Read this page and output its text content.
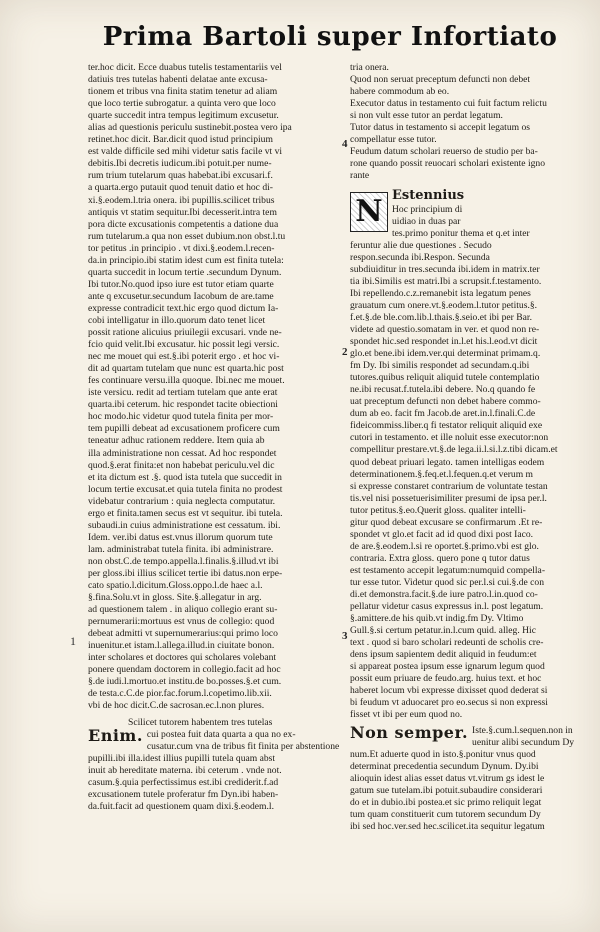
Prima Bartoli super Infortiato
ter.hoc dicit. Ecce duabus tutelis testamentariis vel
datiuis tres tutelas habenti delatae ante excusa-
tionem et tribus vna finita statim tenetur ad aliam
que loco tertie subrogatur. a quinta vero que loco
quarte succedit intra tempus legitimum excusetur.
alias ad questionis periculu sustinebit.postea vero ipa
retinet.hoc dicit. Bar.dicit quod istud principium
est valde difficile sed mihi videtur satis facile vt vi
debitis.Ibi decretis iudicum.ibi potuit.per nume-
rum trium tutelarum quas habebat.ibi excusari.f.
a quarta.ergo putauit quod tenuit datio et hoc di-
xi.§.eodem.l.tria onera. ibi pupillis.scilicet tribus
antiquis vt statim sequitur.Ibi decesserit.intra tem
pora dicte excusationis competentis a datione dua
rum tutelarum.a qua non esset dubium.non obst.l.tu
tor petitus .in principio . vt dixi.§.eodem.l.recen-
da.in principio.ibi statim idest cum est finita tutela:
quarta succedit in locum tertie .secundum Dynum.
Ibi tutor.No.quod ipso iure est tutor etiam quarte
ante q excusetur.secundum Iacobum de are.tame
expresse contradicit text.hic ergo quod dictum Ia-
cobi intelligatur in illo.quorum dato tenet licet
possit ratione alicuius priuilegii excusari. vnde ne-
fcio quid velit.Ibi excusatur. hic possit legi versic.
nec me mouet qui est.§.ibi poterit ergo . et hoc vi-
dit ad quartam tutelam que nunc est quarta.hic post
fes continuare versu.illa quoque. Ibi.nec me mouet.
iste versicu. redit ad tertiam tutelam que ante erat
quarta.ibi ceterum. hic respondet tacite obiectioni
hoc modo.hic videtur quod tutela finita per mor-
tem pupilli debeat ad excusationem proficere cum
teneatur adhuc rationem reddere. Item quia ab
illa administratione non cessat. Ad hoc respondet
quod.§.erat finita:et non habebat periculu.vel dic
et ita dictum est .§. quod ista tutela que succedit in
locum tertie excusat.et quia tutela finita no prodest
videbatur contrarium : quia neglecta computatur.
ergo et finita.tamen secus est vt sequitur. ibi tutela.
subaudi.in cuius administratione est cessatum. ibi.
Idem. ver.ibi datus est.vnus illorum quorum tute
lam. administrabat tutela finita. ibi administrare.
non obst.C.de tempo.appella.l.finalis.§.illud.vt ibi
per gloss.ibi illius scilicet tertie ibi datus.non erpe-
cato spatio.l.dicitum.Gloss.oppo.l.de haec a.l.
§.fina.Solu.vt in gloss. Site.§.allegatur in arg.
ad questionem talem . in aliquo collegio erant su-
pernumerarii:mortuus est vnus de collegio: quod
debeat admitti vt supernumerarius:qui primo loco
inuenitur.et istam.l.allega.illud.in ciuitate bonon.
inter scholares et doctores qui scholares volebant
ponere quendam doctorem in collegio.facit ad hoc
§.de iudi.l.mortuo.et institu.de bo.posses.§.et cum.
de testa.c.C.de pior.fac.forum.l.copetimo.lib.xii.
vbi de hoc dicit.C.de sacrosan.ec.l.non plures.
Scilicet tutorem habentem tres tutelas
Enim. cui postea fuit data quarta a qua no ex-
cusatur.cum vna de tribus fit finita per abstentione
pupilli.ibi illa.idest illius pupilli tutela quam abst
inuit ab hereditate materna. ibi ceterum . vnde not.
casum.§.quia perfectissimus est.ibi crediderit.f.ad
excusationem tutele proferatur fm Dyn.ibi haben-
da.fuit.facit ad questionem quam dixi.§.eodem.l.
tria onera.
Quod non seruat preceptum defuncti non debet
habere commodum ab eo.
Executor datus in testamento cui fuit factum relictu
si non vult esse tutor an perdat legatum.
Tutor datus in testamento si accepit legatum os
compellatur esse tutor.
Feudum datum scholari reuerso de studio per ba-
rone quando possit reuocari scholari existente igno
rante
N Estennius
Hoc principium di
uidiao in duas par
tes.primo ponitur thema et q.et inter
feruntur alie due questiones . Secudo
respon.secunda ibi.Respon. Secunda
subdiuiditur in tres.secunda ibi.idem in matrix.ter
tia ibi.Similis est matri.Ibi a scrupsit.f.testamento.
Ibi repellendo.c.z.remanebit ista legatum penes
grauatum cum onere.vt.§.eodem.l.tutor petitus.§.
f.et.§.de ble.com.lib.l.thais.§.seio.et ibi per Bar.
videte ad questio.somatam in ver. et quod non re-
spondet hic.sed respondet in.l.et his.l.eod.vt dicit
glo.et bene.ibi idem.ver.qui determinat primam.q.
fm Dy. Ibi similis respondet ad secundam.q.ibi
tutores.quibus reliquit aliquid tutele contemplatio
ne.ibi recusat.f.tutela.ibi debere. No.q quando fe
uat preceptum defuncti non debet habere commo-
dum ab eo. facit fm Jacob.de aret.in.l.finali.C.de
fideicommiss.liber.q fi testator reliquit aliquid exe
cutori in testamento. et ille noluit esse executor:non
compellitur prestare.vt.§.de lega.ii.l.si.l.z.tibi dicam.et
quod debeat priuari legato. tamen intelligas eodem
determinationem.§.feq.et.l.fequen.q.et verum m
si expresse constaret contrarium de voluntate testan
tis.vel nisi possetuerisimiliter presumi de ipsa per.l.
tutor petitus.§.eo.Querit gloss. qualiter intelli-
gitur quod debeat excusare se confirmarum .Et re-
spondet vt glo.et facit ad id quod dixi post Iaco.
de are.§.eodem.l.si re oportet.§.primo.vbi est glo.
contraria. Extra gloss. quero pone q tutor datus
est testamento accepit legatum:numquid compella-
tur esse tutor. Videtur quod sic per.l.si cui.§.de con
di.et demonstra.facit.§.de iure patro.l.in.quod co-
pellatur videtur casus expressus in.l. post legatum.
§.amittere.de his quib.vt indig.fm Dy. Vltimo
Gull.§.si certum petatur.in.l.cum quid. alleg. Hic
text . quod si baro scholari redeunti de scholis cre-
dens ipsum sapientem dedit aliquid in feudum:et
si appareat postea ipsum esse ignarum legum quod
possit eum priuare de feudo.arg. huius text. et hoc
haberet locum vbi expresse dixisset quod dederat si
bi feudum vt aduocaret pro eo.secus si non expressi
fisset vt ibi per eum quod no.
Non semper. Iste.§.cum.l.sequen.non in
uenitur alibi secundum Dy
num.Et aduerte quod in isto.§.ponitur vnus quod
determinat precedentia secundum Dynum. Dy.ibi
alioquin idest alias esset datus vt.vitrum gs idest le
gatum sue tutelam.ibi potuit.subaudire considerari
do et in dubio.ibi postea.et sic primo reliquit legat
tum quam constituerit cum tutorem secundum Dy
ibi sed hoc.ver.sed hec.scilicet.ita sequitur legatum
4
2
3
1
